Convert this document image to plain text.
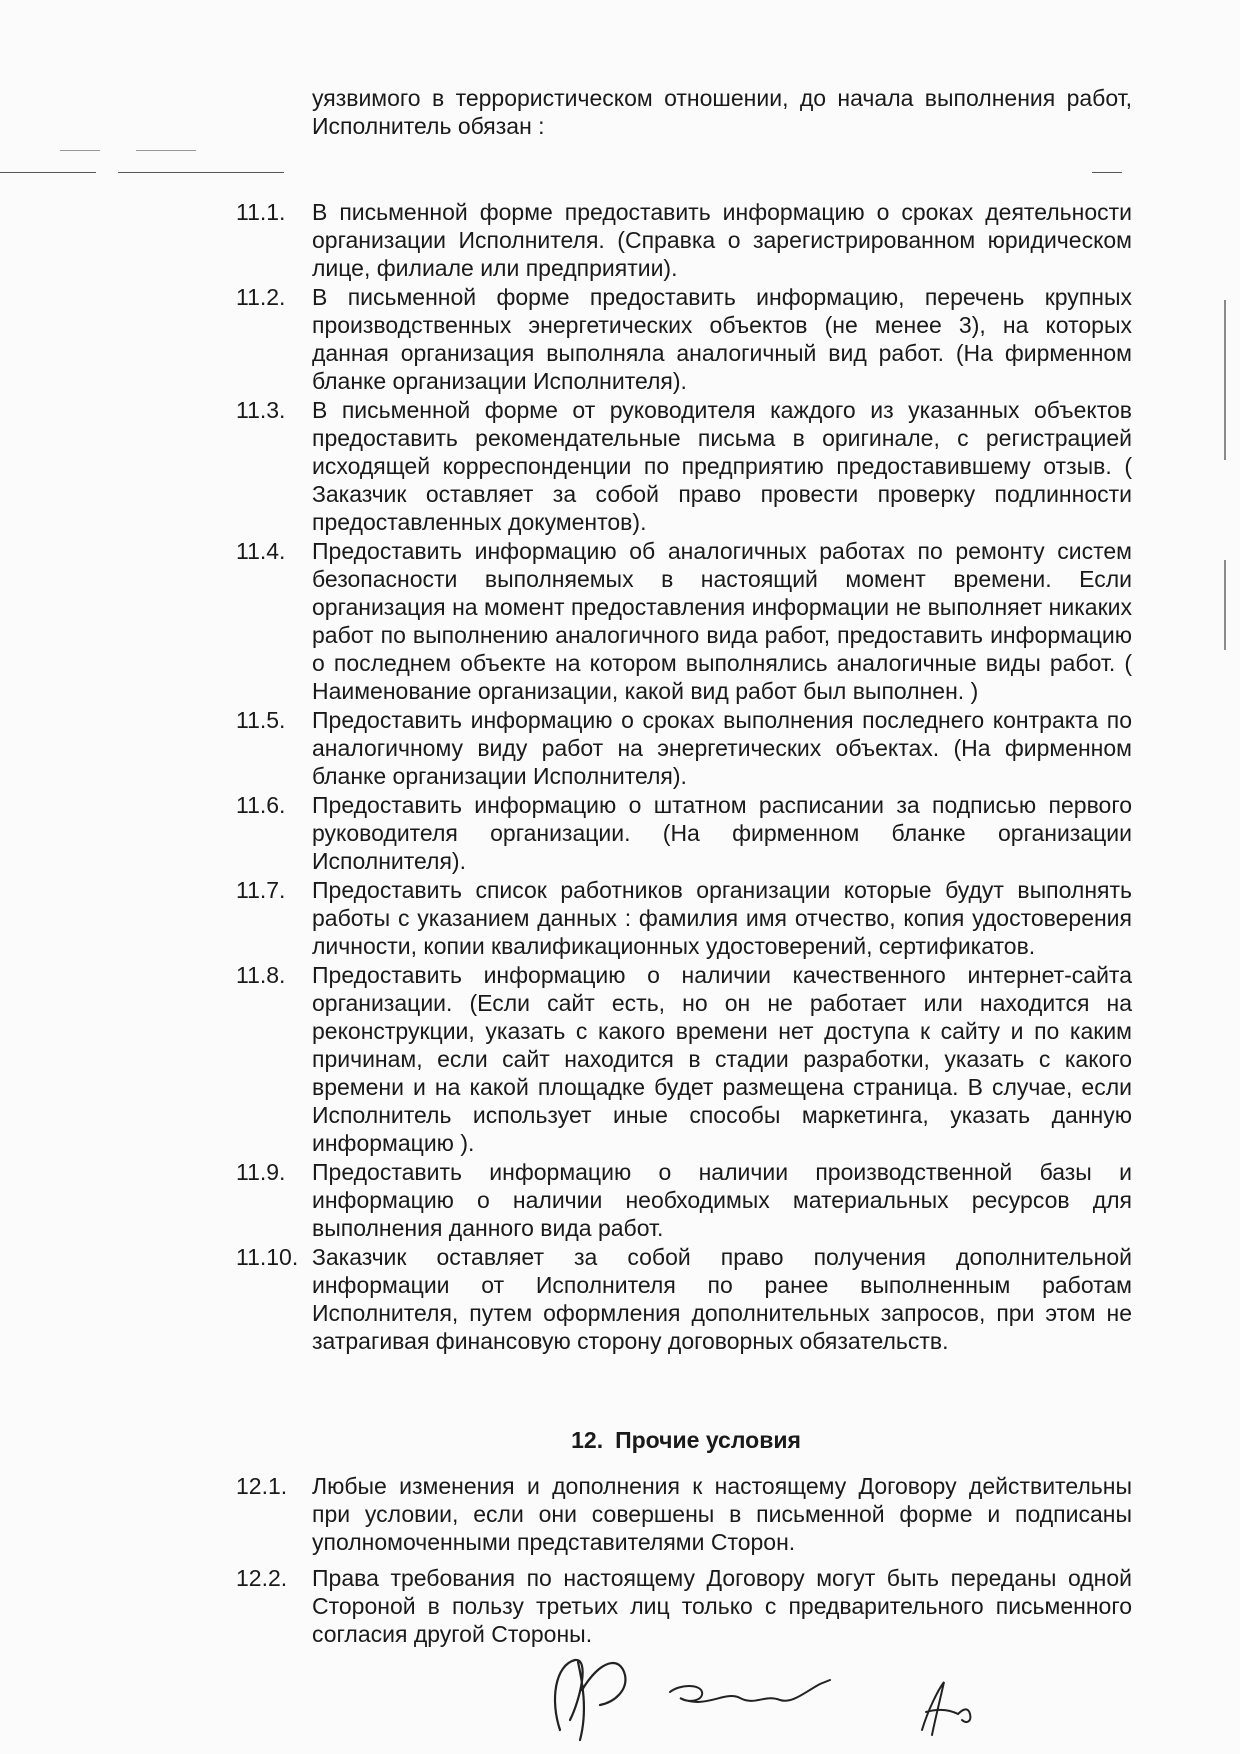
уязвимого в террористическом отношении, до начала выполнения работ, Исполнитель обязан :

11.1.	В письменной форме предоставить информацию о сроках деятельности организации Исполнителя. (Справка о зарегистрированном юридическом лице, филиале или предприятии).
11.2.	В письменной форме предоставить информацию, перечень крупных производственных энергетических объектов (не менее 3), на которых данная организация выполняла аналогичный вид работ. (На фирменном бланке организации Исполнителя).
11.3.	В письменной форме от руководителя каждого из указанных объектов предоставить рекомендательные письма в оригинале, с регистрацией исходящей корреспонденции по предприятию предоставившему отзыв. ( Заказчик оставляет за собой право провести проверку подлинности предоставленных документов).
11.4.	Предоставить информацию об аналогичных работах по ремонту систем безопасности выполняемых в настоящий момент времени. Если организация на момент предоставления информации не выполняет никаких работ по выполнению аналогичного вида работ, предоставить информацию о последнем объекте на котором выполнялись аналогичные виды работ. ( Наименование организации, какой вид работ был выполнен. )
11.5.	Предоставить информацию о сроках выполнения последнего контракта по аналогичному виду работ на энергетических объектах. (На фирменном бланке организации Исполнителя).
11.6.	Предоставить информацию о штатном расписании за подписью первого руководителя организации. (На фирменном бланке организации Исполнителя).
11.7.	Предоставить список работников организации которые будут выполнять работы с указанием данных : фамилия имя отчество, копия удостоверения личности, копии квалификационных удостоверений, сертификатов.
11.8.	Предоставить информацию о наличии качественного интернет-сайта организации. (Если сайт есть, но он не работает или находится на реконструкции, указать с какого времени нет доступа к сайту и по каким причинам, если сайт находится в стадии разработки, указать с какого времени и на какой площадке будет размещена страница. В случае, если Исполнитель использует иные способы маркетинга, указать данную информацию ).
11.9.	Предоставить информацию о наличии производственной базы и информацию о наличии необходимых материальных ресурсов для выполнения данного вида работ.
11.10. Заказчик оставляет за собой право получения дополнительной информации от Исполнителя по ранее выполненным работам Исполнителя, путем оформления дополнительных запросов, при этом не затрагивая финансовую сторону договорных обязательств.
12. Прочие условия
12.1.	Любые изменения и дополнения к настоящему Договору действительны при условии, если они совершены в письменной форме и подписаны уполномоченными представителями Сторон.
12.2.	Права требования по настоящему Договору могут быть переданы одной Стороной в пользу третьих лиц только с предварительного письменного согласия другой Стороны.
